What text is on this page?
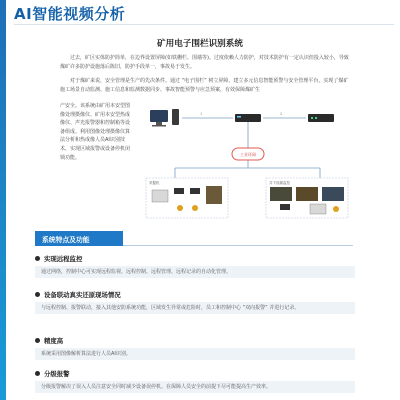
AI智能视频分析
矿用电子围栏识别系统

过去，矿区实体防护简单，在边界设置屏障(如铁栅栏、围墙等)。过度依赖人力防护，对技术防护有一定认识但投入较小，导致煤矿许多防护设施落后陈旧，防护手段单一，事故易于发生。

对于煤矿来说，安全管理是生产的先决条件。通过 “电子围栏” 树立屏障，建立多元信息智能预警与安全管理平台，实现了煤矿施工场景自动监测、施工信息和监测数据同步、事故智能预警与应急预案，有效保障煤矿生

产安全。该系统由矿用本安型图像处理摄像仪、矿用本安型热成像仪、声光报警器和控制箱等设备组成。利用图像处理摄像仪算法分析和热成像人员AI识别技术，实现区域报警或设备停机闭锁功能。

1	2
工业环网
采掘机	井下视频监控
系统特点及功能
实现远程监控
通过网络，控制中心可实现远程监视、远程控制、远程管理、远程记录的自动化管理。
设备联动真实还原现场情况
与远程控制、报警联动，接入其他安防系统功能，区域发生异常或危险时，员工和控制中心 “双向报警” 并进行记录。
精度高
系统采用图像解析算法进行人员AI识别。
分级报警
分级报警解决了误入人员注意安全同时减少设备误停机。在保障人员安全的前提下尽可能提高生产效率。
